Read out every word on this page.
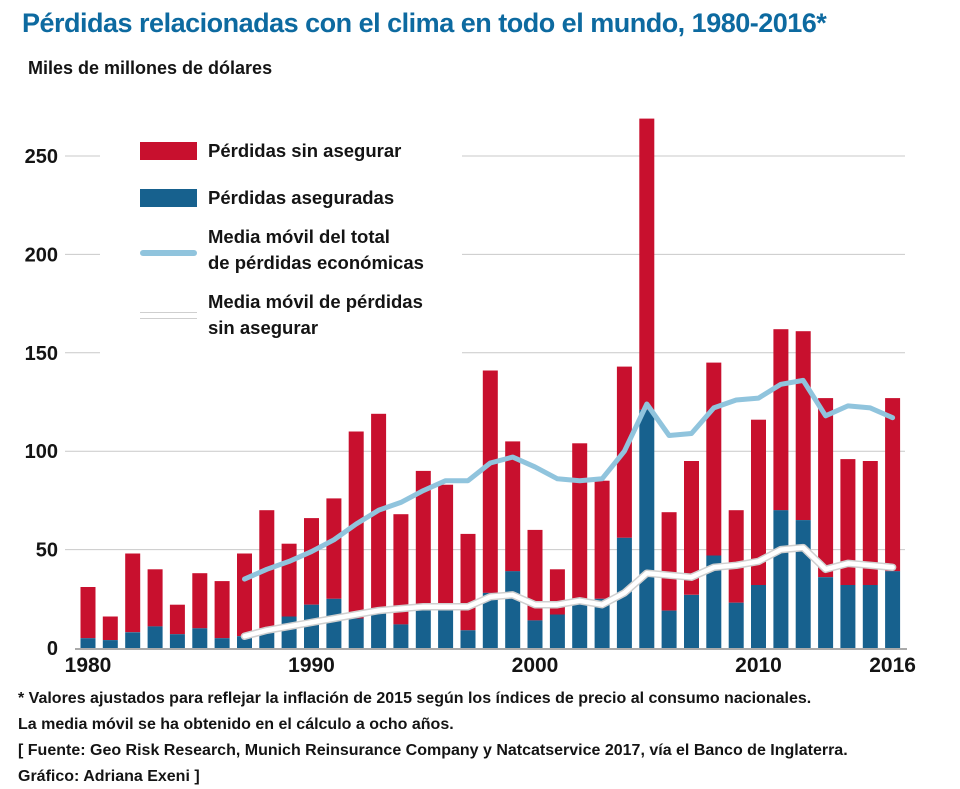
Pérdidas relacionadas con el clima en todo el mundo, 1980-2016*
Miles de millones de dólares
0
50
100
150
200
250
1980	1990	2000	2010	2016
Pérdidas sin asegurar
Pérdidas aseguradas
Media móvil del total
de pérdidas económicas
Media móvil de pérdidas
sin asegurar
* Valores ajustados para reflejar la inflación de 2015 según los índices de precio al consumo nacionales.
La media móvil se ha obtenido en el cálculo a ocho años.
[ Fuente: Geo Risk Research, Munich Reinsurance Company y Natcatservice 2017, vía el Banco de Inglaterra.
Gráfico: Adriana Exeni ]
